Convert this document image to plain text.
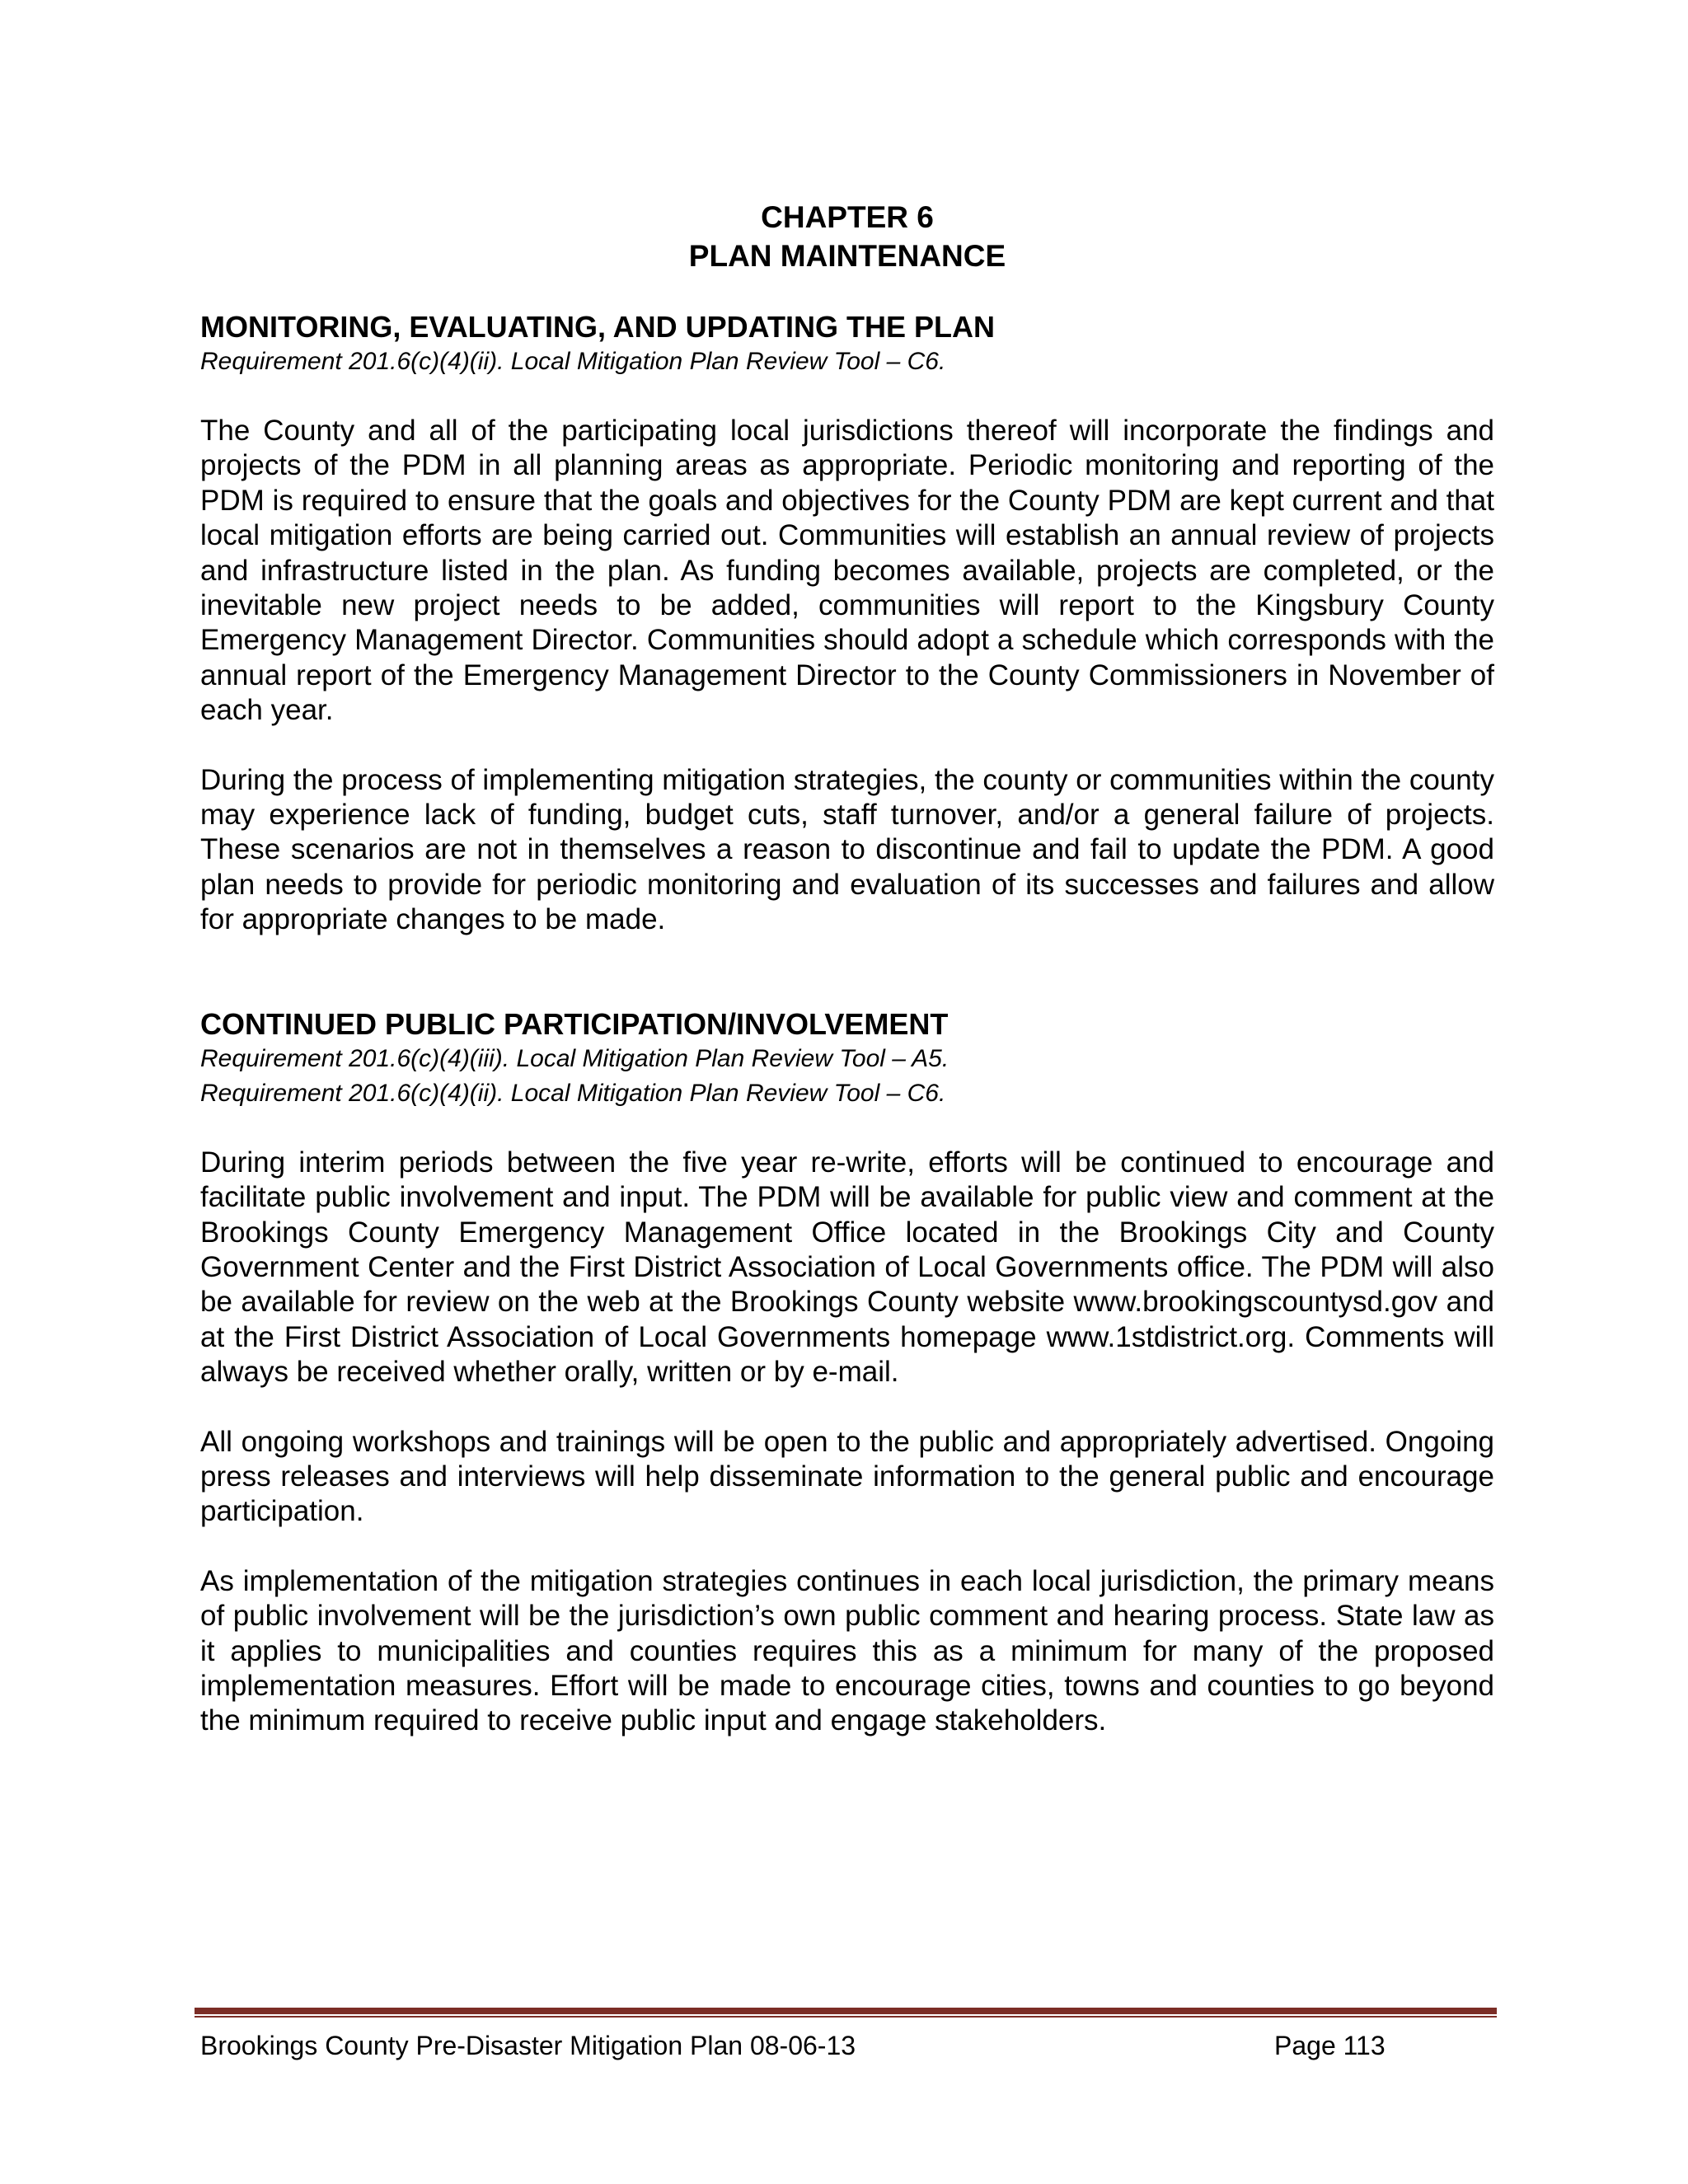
CHAPTER 6

PLAN MAINTENANCE

MONITORING, EVALUATING, AND UPDATING THE PLAN

Requirement 201.6(c)(4)(ii). Local Mitigation Plan Review Tool – C6.

The County and all of the participating local jurisdictions thereof will incorporate the findings and projects of the PDM in all planning areas as appropriate. Periodic monitoring and reporting of the PDM is required to ensure that the goals and objectives for the County PDM are kept current and that local mitigation efforts are being carried out. Communities will establish an annual review of projects and infrastructure listed in the plan. As funding becomes available, projects are completed, or the inevitable new project needs to be added, communities will report to the Kingsbury County Emergency Management Director. Communities should adopt a schedule which corresponds with the annual report of the Emergency Management Director to the County Commissioners in November of each year.

During the process of implementing mitigation strategies, the county or communities within the county may experience lack of funding, budget cuts, staff turnover, and/or a general failure of projects. These scenarios are not in themselves a reason to discontinue and fail to update the PDM. A good plan needs to provide for periodic monitoring and evaluation of its successes and failures and allow for appropriate changes to be made.

CONTINUED PUBLIC PARTICIPATION/INVOLVEMENT

Requirement 201.6(c)(4)(iii). Local Mitigation Plan Review Tool – A5.

Requirement 201.6(c)(4)(ii). Local Mitigation Plan Review Tool – C6.

During interim periods between the five year re-write, efforts will be continued to encourage and facilitate public involvement and input. The PDM will be available for public view and comment at the Brookings County Emergency Management Office located in the Brookings City and County Government Center and the First District Association of Local Governments office. The PDM will also be available for review on the web at the Brookings County website www.brookingscountysd.gov and at the First District Association of Local Governments homepage www.1stdistrict.org. Comments will always be received whether orally, written or by e-mail.

All ongoing workshops and trainings will be open to the public and appropriately advertised. Ongoing press releases and interviews will help disseminate information to the general public and encourage participation.

As implementation of the mitigation strategies continues in each local jurisdiction, the primary means of public involvement will be the jurisdiction’s own public comment and hearing process. State law as it applies to municipalities and counties requires this as a minimum for many of the proposed implementation measures. Effort will be made to encourage cities, towns and counties to go beyond the minimum required to receive public input and engage stakeholders.

Brookings County Pre-Disaster Mitigation Plan 08-06-13	Page 113
